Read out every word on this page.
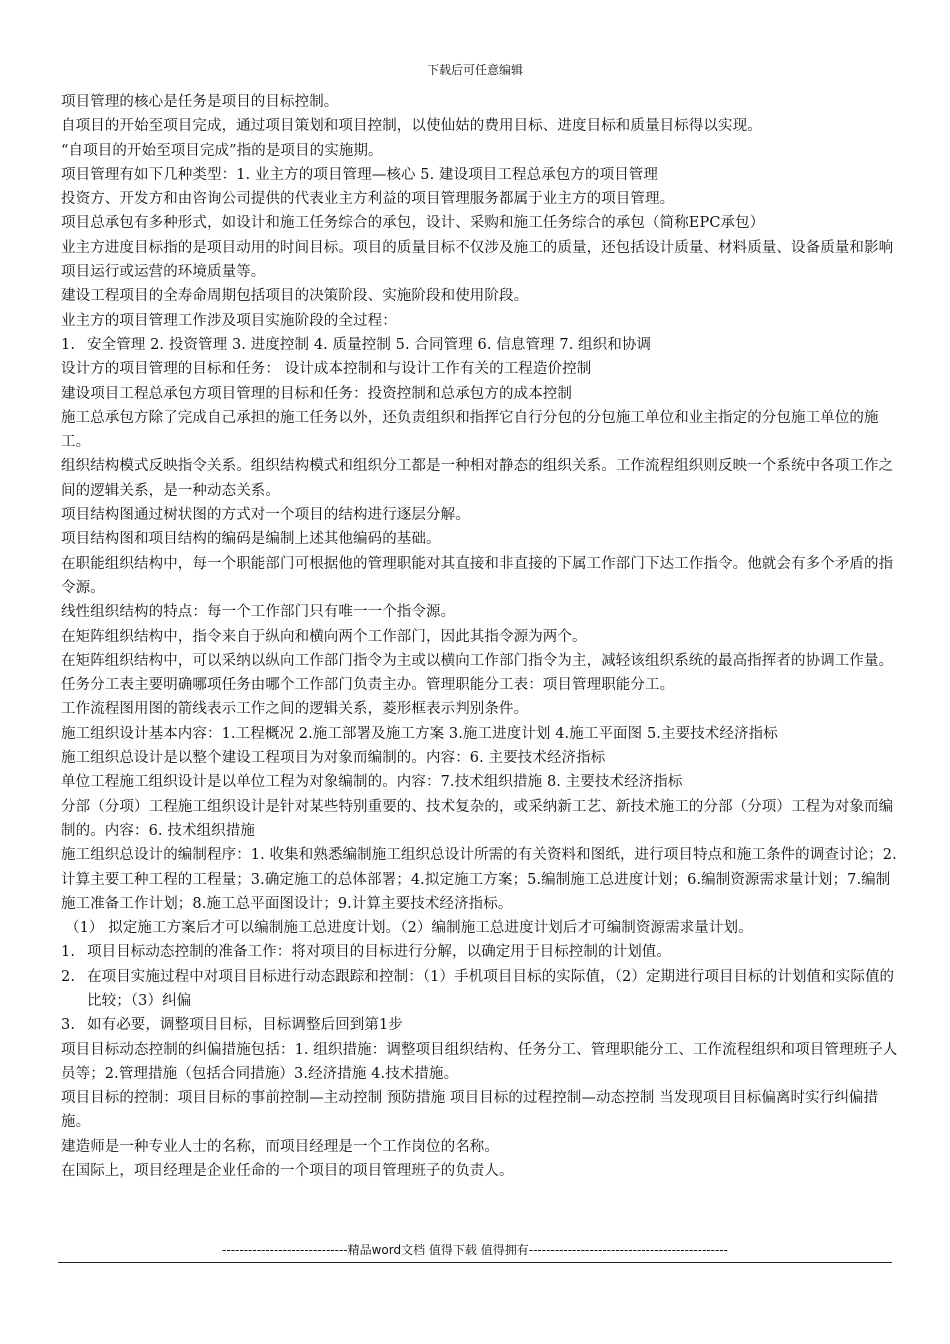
下载后可任意编辑

项目管理的核心是任务是项目的目标控制。

自项目的开始至项目完成，通过项目策划和项目控制，以使仙姑的费用目标、进度目标和质量目标得以实现。

“自项目的开始至项目完成”指的是项目的实施期。

项目管理有如下几种类型：1. 业主方的项目管理—核心 5. 建设项目工程总承包方的项目管理

投资方、开发方和由咨询公司提供的代表业主方利益的项目管理服务都属于业主方的项目管理。

项目总承包有多种形式，如设计和施工任务综合的承包，设计、采购和施工任务综合的承包（简称EPC承包）

业主方进度目标指的是项目动用的时间目标。项目的质量目标不仅涉及施工的质量，还包括设计质量、材料质量、设备质量和影响项目运行或运营的环境质量等。

建设工程项目的全寿命周期包括项目的决策阶段、实施阶段和使用阶段。

业主方的项目管理工作涉及项目实施阶段的全过程：

1. 安全管理 2. 投资管理 3. 进度控制 4. 质量控制 5. 合同管理 6. 信息管理 7. 组织和协调

设计方的项目管理的目标和任务： 设计成本控制和与设计工作有关的工程造价控制

建设项目工程总承包方项目管理的目标和任务：投资控制和总承包方的成本控制

施工总承包方除了完成自己承担的施工任务以外，还负责组织和指挥它自行分包的分包施工单位和业主指定的分包施工单位的施工。

组织结构模式反映指令关系。组织结构模式和组织分工都是一种相对静态的组织关系。工作流程组织则反映一个系统中各项工作之间的逻辑关系，是一种动态关系。

项目结构图通过树状图的方式对一个项目的结构进行逐层分解。

项目结构图和项目结构的编码是编制上述其他编码的基础。

在职能组织结构中，每一个职能部门可根据他的管理职能对其直接和非直接的下属工作部门下达工作指令。他就会有多个矛盾的指令源。

线性组织结构的特点：每一个工作部门只有唯一一个指令源。

在矩阵组织结构中，指令来自于纵向和横向两个工作部门，因此其指令源为两个。

在矩阵组织结构中，可以采纳以纵向工作部门指令为主或以横向工作部门指令为主，减轻该组织系统的最高指挥者的协调工作量。

任务分工表主要明确哪项任务由哪个工作部门负责主办。管理职能分工表：项目管理职能分工。

工作流程图用图的箭线表示工作之间的逻辑关系，菱形框表示判别条件。

施工组织设计基本内容：1.工程概况 2.施工部署及施工方案 3.施工进度计划 4.施工平面图 5.主要技术经济指标

施工组织总设计是以整个建设工程项目为对象而编制的。内容：6. 主要技术经济指标

单位工程施工组织设计是以单位工程为对象编制的。内容：7.技术组织措施 8. 主要技术经济指标

分部（分项）工程施工组织设计是针对某些特别重要的、技术复杂的，或采纳新工艺、新技术施工的分部（分项）工程为对象而编制的。内容：6. 技术组织措施

施工组织总设计的编制程序：1. 收集和熟悉编制施工组织总设计所需的有关资料和图纸，进行项目特点和施工条件的调查讨论；2. 计算主要工种工程的工程量；3.确定施工的总体部署；4.拟定施工方案；5.编制施工总进度计划；6.编制资源需求量计划；7.编制施工准备工作计划；8.施工总平面图设计；9.计算主要技术经济指标。

（1） 拟定施工方案后才可以编制施工总进度计划。（2）编制施工总进度计划后才可编制资源需求量计划。

1. 项目目标动态控制的准备工作：将对项目的目标进行分解，以确定用于目标控制的计划值。
2. 在项目实施过程中对项目目标进行动态跟踪和控制：（1）手机项目目标的实际值，（2）定期进行项目目标的计划值和实际值的比较；（3）纠偏
3. 如有必要，调整项目目标，目标调整后回到第1步

项目目标动态控制的纠偏措施包括：1. 组织措施：调整项目组织结构、任务分工、管理职能分工、工作流程组织和项目管理班子人员等；2.管理措施（包括合同措施）3.经济措施 4.技术措施。

项目目标的控制：项目目标的事前控制—主动控制 预防措施 项目目标的过程控制—动态控制 当发现项目目标偏离时实行纠偏措施。

建造师是一种专业人士的名称，而项目经理是一个工作岗位的名称。

在国际上，项目经理是企业任命的一个项目的项目管理班子的负责人。

-----------------------------精品word文档 值得下载 值得拥有----------------------------------------------
